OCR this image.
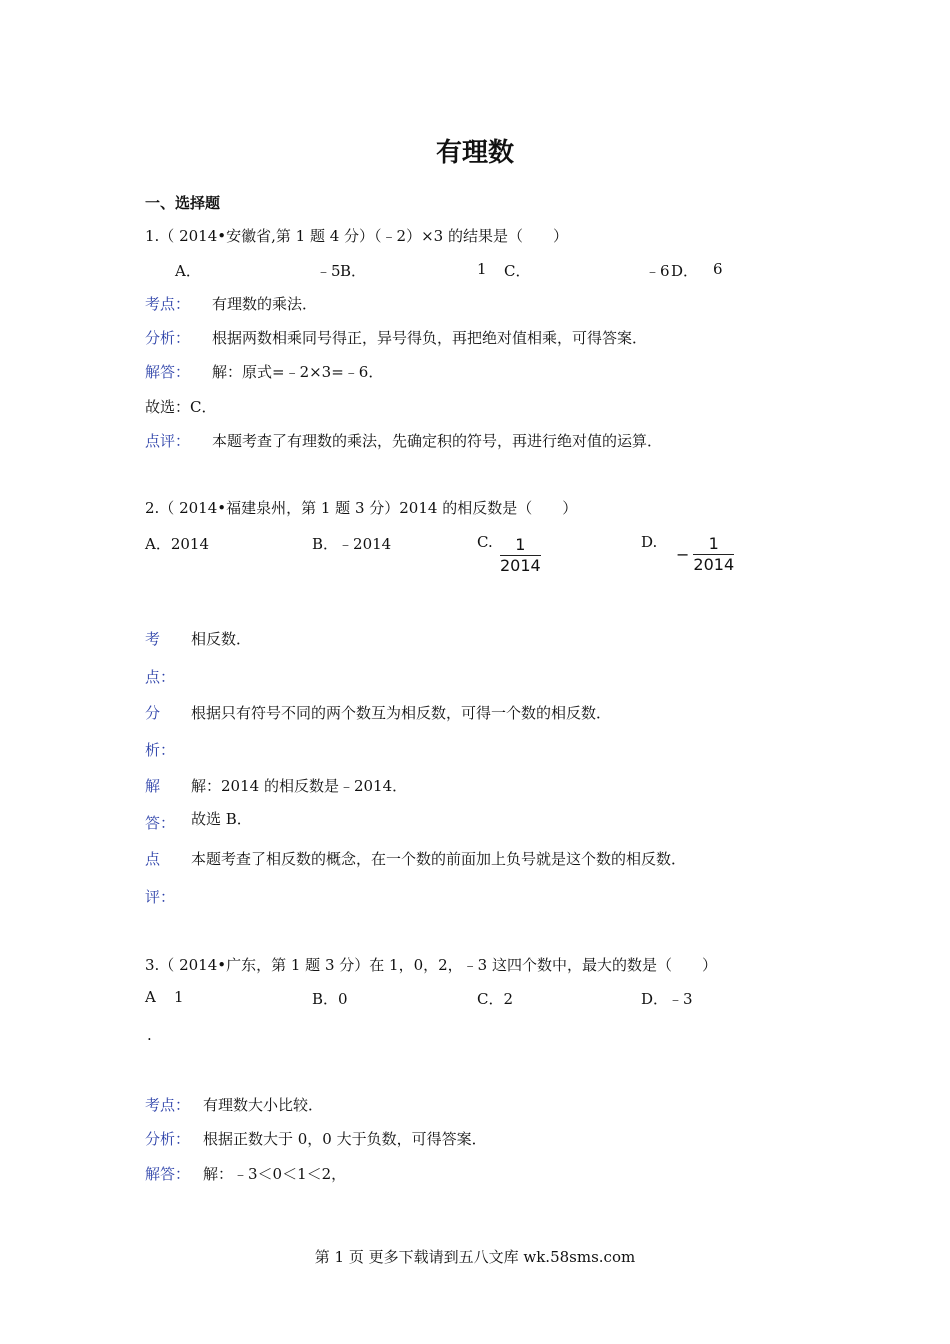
有理数
一、选择题
1.（ 2014•安徽省,第 1 题 4 分）（﹣2）×3 的结果是（　　）
A．	﹣5 B．	1 C．	﹣6 D． 6
考点： 有理数的乘法．
分析： 根据两数相乘同号得正，异号得负，再把绝对值相乘，可得答案．
解答： 解：原式=﹣2×3=﹣6．
故选：C．
点评： 本题考查了有理数的乘法，先确定积的符号，再进行绝对值的运算．
2.（ 2014•福建泉州，第 1 题 3 分）2014 的相反数是（　　）
A．2014	B．﹣2014	C. $\frac{1}{2014}$	D.
− $\frac{1}{2014}$
考
点：
相反数．
分
析：
根据只有符号不同的两个数互为相反数，可得一个数的相反数．
解
答：
解：2014 的相反数是﹣2014．
故选 B．
点
评：
本题考查了相反数的概念，在一个数的前面加上负号就是这个数的相反数．
3.（ 2014•广东，第 1 题 3 分）在 1，0，2，﹣3 这四个数中，最大的数是（　　）
A
.
1	B．0	C．2	D．﹣3
考点： 有理数大小比较．
分析： 根据正数大于 0，0 大于负数，可得答案．
解答： 解：﹣3＜0＜1＜2，
第 1 页 更多下载请到五八文库 wk.58sms.com
